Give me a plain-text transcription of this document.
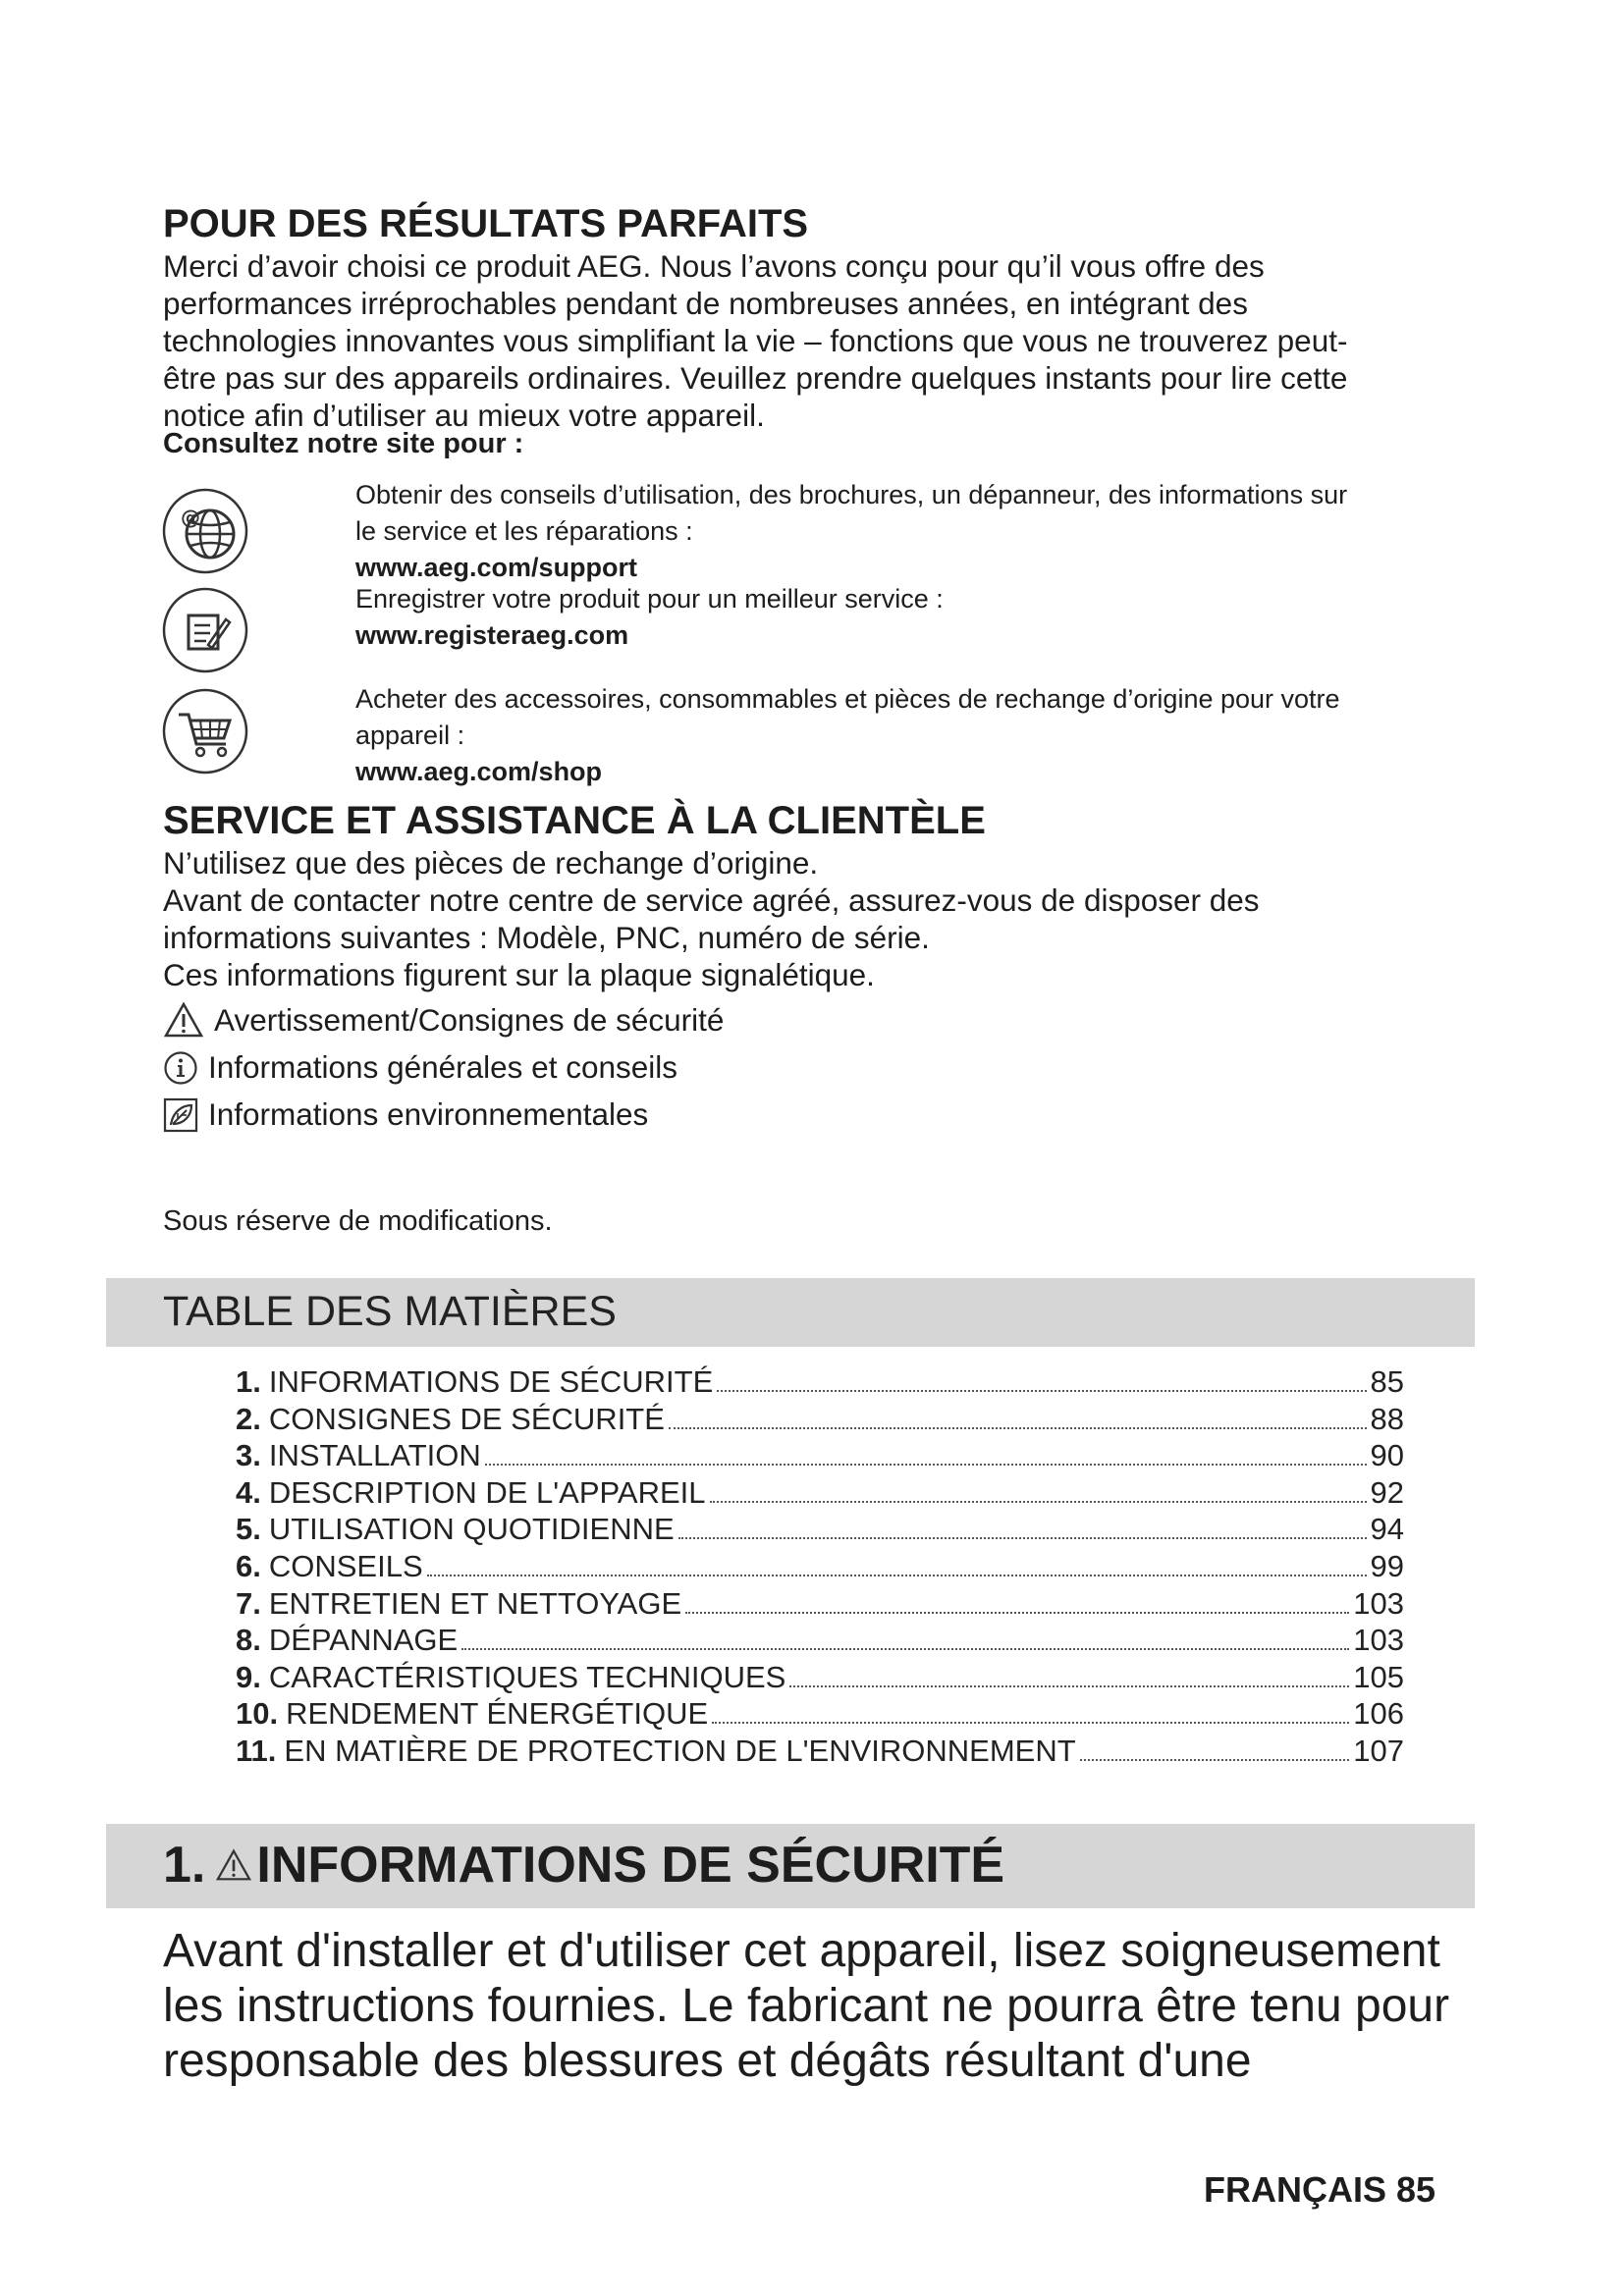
POUR DES RÉSULTATS PARFAITS

Merci d’avoir choisi ce produit AEG. Nous l’avons conçu pour qu’il vous offre des

performances irréprochables pendant de nombreuses années, en intégrant des

technologies innovantes vous simplifiant la vie – fonctions que vous ne trouverez peut-

être pas sur des appareils ordinaires. Veuillez prendre quelques instants pour lire cette

notice afin d’utiliser au mieux votre appareil.

Consultez notre site pour :
@
Obtenir des conseils d’utilisation, des brochures, un dépanneur, des informations sur
le service et les réparations :
www.aeg.com/support
Enregistrer votre produit pour un meilleur service :
www.registeraeg.com
Acheter des accessoires, consommables et pièces de rechange d’origine pour votre
appareil :
www.aeg.com/shop
SERVICE ET ASSISTANCE À LA CLIENTÈLE

N’utilisez que des pièces de rechange d’origine.

Avant de contacter notre centre de service agréé, assurez-vous de disposer des

informations suivantes : Modèle, PNC, numéro de série.

Ces informations figurent sur la plaque signalétique.

Avertissement/Consignes de sécurité
Informations générales et conseils
Informations environnementales
Sous réserve de modifications.
TABLE DES MATIÈRES
1. INFORMATIONS DE SÉCURITÉ	85
2. CONSIGNES DE SÉCURITÉ	88
3. INSTALLATION	90
4. DESCRIPTION DE L'APPAREIL	92
5. UTILISATION QUOTIDIENNE	94
6. CONSEILS	99
7. ENTRETIEN ET NETTOYAGE	103
8. DÉPANNAGE	103
9. CARACTÉRISTIQUES TECHNIQUES	105
10. RENDEMENT ÉNERGÉTIQUE	106
11. EN MATIÈRE DE PROTECTION DE L'ENVIRONNEMENT	107
1. INFORMATIONS DE SÉCURITÉ
Avant d'installer et d'utiliser cet appareil, lisez soigneusement
les instructions fournies. Le fabricant ne pourra être tenu pour
responsable des blessures et dégâts résultant d'une
FRANÇAIS 85
